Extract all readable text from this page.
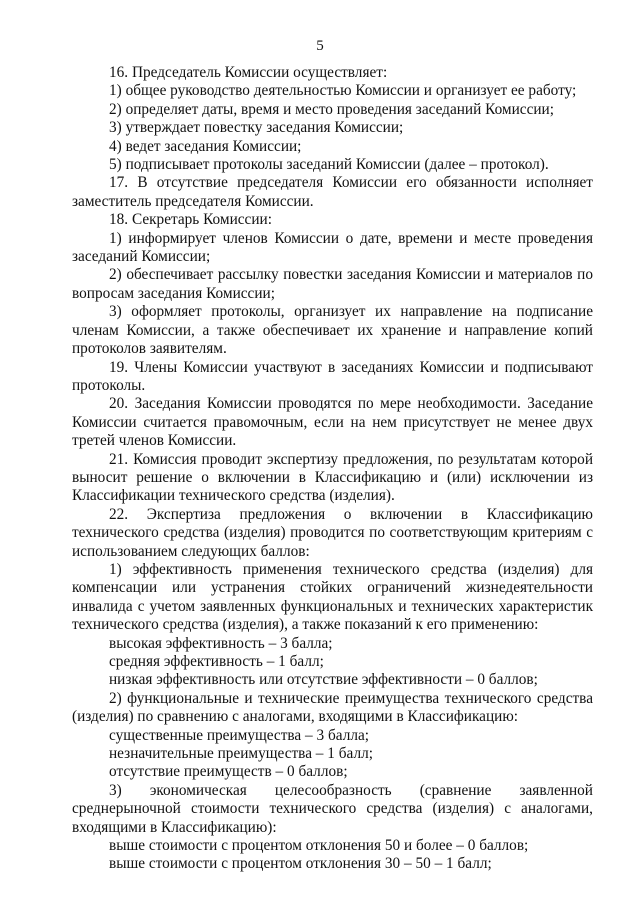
5

16. Председатель Комиссии осуществляет:

1) общее руководство деятельностью Комиссии и организует ее работу;

2) определяет даты, время и место проведения заседаний Комиссии;

3) утверждает повестку заседания Комиссии;

4) ведет заседания Комиссии;

5) подписывает протоколы заседаний Комиссии (далее – протокол).

17. В отсутствие председателя Комиссии его обязанности исполняет заместитель председателя Комиссии.

18. Секретарь Комиссии:

1) информирует членов Комиссии о дате, времени и месте проведения заседаний Комиссии;

2) обеспечивает рассылку повестки заседания Комиссии и материалов по вопросам заседания Комиссии;

3) оформляет протоколы, организует их направление на подписание членам Комиссии, а также обеспечивает их хранение и направление копий протоколов заявителям.

19. Члены Комиссии участвуют в заседаниях Комиссии и подписывают протоколы.

20. Заседания Комиссии проводятся по мере необходимости. Заседание Комиссии считается правомочным, если на нем присутствует не менее двух третей членов Комиссии.

21. Комиссия проводит экспертизу предложения, по результатам которой выносит решение о включении в Классификацию и (или) исключении из Классификации технического средства (изделия).

22. Экспертиза предложения о включении в Классификацию технического средства (изделия) проводится по соответствующим критериям с использованием следующих баллов:

1) эффективность применения технического средства (изделия) для компенсации или устранения стойких ограничений жизнедеятельности инвалида с учетом заявленных функциональных и технических характеристик технического средства (изделия), а также показаний к его применению:

высокая эффективность – 3 балла;

средняя эффективность – 1 балл;

низкая эффективность или отсутствие эффективности – 0 баллов;

2) функциональные и технические преимущества технического средства (изделия) по сравнению с аналогами, входящими в Классификацию:

существенные преимущества – 3 балла;

незначительные преимущества – 1 балл;

отсутствие преимуществ – 0 баллов;

3) экономическая целесообразность (сравнение заявленной среднерыночной стоимости технического средства (изделия) с аналогами, входящими в Классификацию):

выше стоимости с процентом отклонения 50 и более – 0 баллов;

выше стоимости с процентом отклонения 30 – 50 – 1 балл;
